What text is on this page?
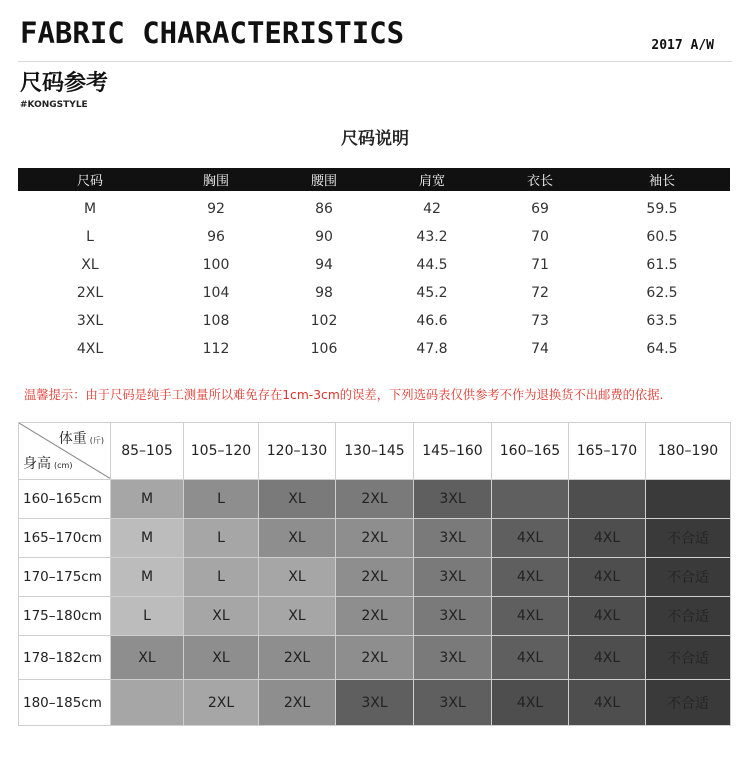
FABRIC CHARACTERISTICS	2017 A/W
尺码参考
#KONGSTYLE
尺码说明
尺码	胸围	腰围	肩宽	衣长	袖长
M	92	86	42	69	59.5
L	96	90	43.2	70	60.5
XL	100	94	44.5	71	61.5
2XL	104	98	45.2	72	62.5
3XL	108	102	46.6	73	63.5
4XL	112	106	47.8	74	64.5
温馨提示：由于尺码是纯手工测量所以难免存在1cm-3cm的误差，下列选码表仅供参考不作为退换货不出邮费的依据.
体重 (斤)
身高 (cm)	85–105	105–120	120–130	130–145	145–160	160–165	165–170	180–190
160–165cm	M	L	XL	2XL	3XL			
165–170cm	M	L	XL	2XL	3XL	4XL	4XL	不合适
170–175cm	M	L	XL	2XL	3XL	4XL	4XL	不合适
175–180cm	L	XL	XL	2XL	3XL	4XL	4XL	不合适
178–182cm	XL	XL	2XL	2XL	3XL	4XL	4XL	不合适
180–185cm		2XL	2XL	3XL	3XL	4XL	4XL	不合适
